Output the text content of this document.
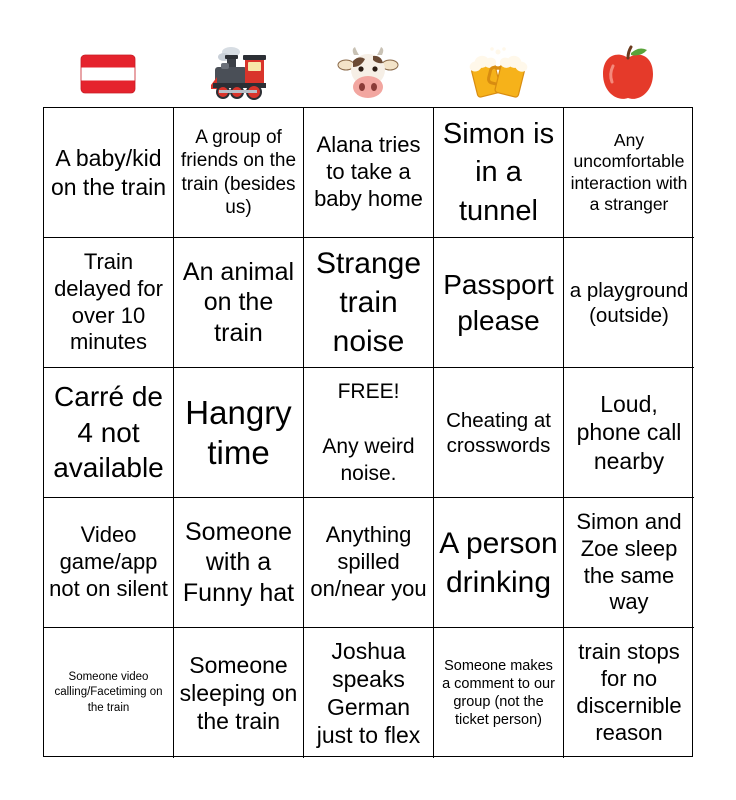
A baby/kid on the train
A group of friends on the train (besides us)
Alana tries to take a baby home
Simon is in a tunnel
Any uncomfortable interaction with a stranger
Train delayed for over 10 minutes
An animal on the train
Strange train noise
Passport please
a playground (outside)
Carré de 4 not available
Hangry time
FREE!

Any weird noise.
Cheating at crosswords
Loud, phone call nearby
Video game/app not on silent
Someone with a Funny hat
Anything spilled on/near you
A person drinking
Simon and Zoe sleep the same way
Someone video calling/Facetiming on the train
Someone sleeping on the train
Joshua speaks German just to flex
Someone makes a comment to our group (not the ticket person)
train stops for no discernible reason
